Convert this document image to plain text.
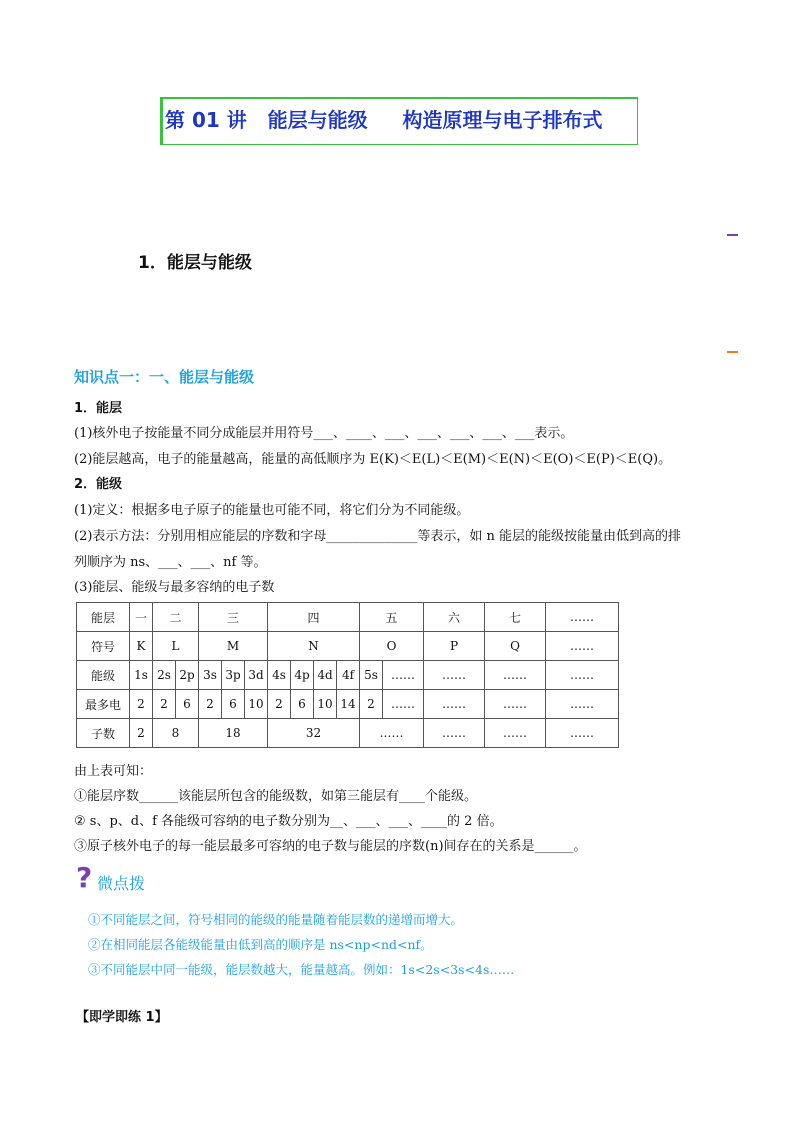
第 01 讲   能层与能级     构造原理与电子排布式
1．能层与能级
知识点一：一、能层与能级
1．能层
(1)核外电子按能量不同分成能层并用符号___、____、___、___、___、___、___表示。
(2)能层越高，电子的能量越高，能量的高低顺序为 E(K)＜E(L)＜E(M)＜E(N)＜E(O)＜E(P)＜E(Q)。
2．能级
(1)定义：根据多电子原子的能量也可能不同，将它们分为不同能级。
(2)表示方法：分别用相应能层的序数和字母______________等表示，如 n 能层的能级按能量由低到高的排
列顺序为 ns、___、___、nf 等。
(3)能层、能级与最多容纳的电子数
能层	一	二		三			四				五		六	七	……
符号	K	L		M			N				O		P	Q	……
能级	1s	2s	2p	3s	3p	3d	4s	4p	4d	4f	5s	……	……	……	……
最多电	2	2	6	2	6	10	2	6	10	14	2	……	……	……	……
子数	2	8		18			32				……		……	……	……
由上表可知：
①能层序数______该能层所包含的能级数，如第三能层有____个能级。
② s、p、d、f 各能级可容纳的电子数分别为__、___、___、____的 2 倍。
③原子核外电子的每一能层最多可容纳的电子数与能层的序数(n)间存在的关系是______。
? 微点拨
①不同能层之间，符号相同的能级的能量随着能层数的递增而增大。
②在相同能层各能级能量由低到高的顺序是 ns<np<nd<nf。
③不同能层中同一能级，能层数越大，能量越高。例如：1s<2s<3s<4s……
【即学即练 1】
